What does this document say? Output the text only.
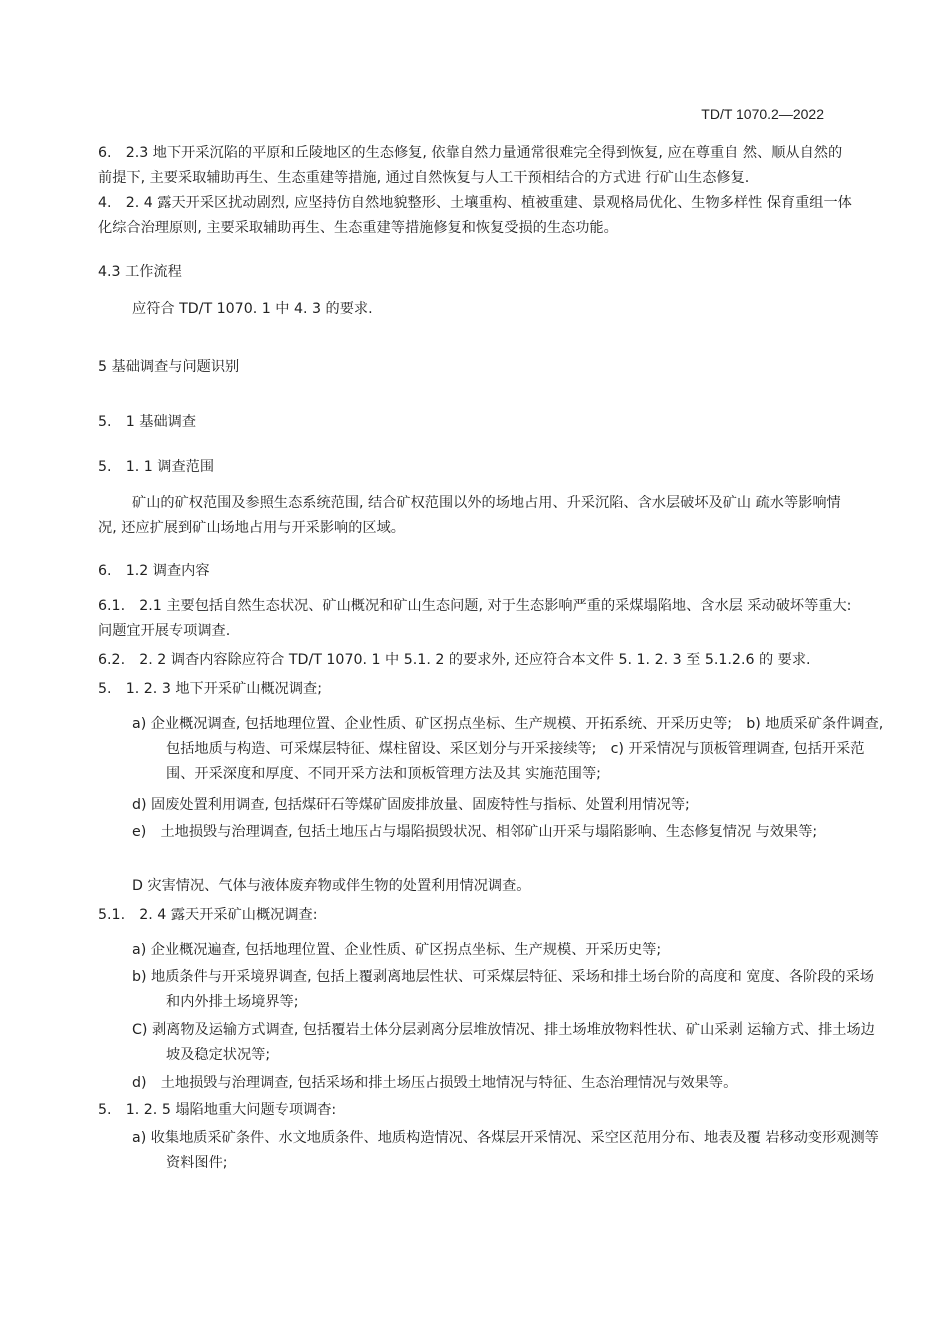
TD/T 1070.2—2022

6.　2.3 地下开采沉陷的平原和丘陵地区的生态修复, 依靠自然力量通常很难完全得到恢复, 应在尊重自 然、顺从自然的前提下, 主要采取辅助再生、生态重建等措施, 通过自然恢复与人工干预相结合的方式进 行矿山生态修复.

4.　2. 4 露天开采区扰动剧烈, 应坚持仿自然地貌整形、土壤重构、植被重建、景观格局优化、生物多样性 保育重组一体化综合治理原则, 主要采取辅助再生、生态重建等措施修复和恢复受损的生态功能。

4.3 工作流程

应符合 TD/T 1070. 1 中 4. 3 的要求.

5 基础调查与问题识别

5.　1 基础调查

5.　1. 1 调查范围

矿山的矿权范围及参照生态系统范围, 结合矿权范围以外的场地占用、升采沉陷、含水层破坏及矿山 疏水等影响情况, 还应扩展到矿山场地占用与开采影响的区域。

6.　1.2 调查内容

6.1.　2.1 主要包括自然生态状况、矿山概况和矿山生态问题, 对于生态影响严重的采煤塌陷地、含水层 采动破坏等重大: 问题宜开展专项调查.

6.2.　2. 2 调杳内容除应符合 TD/T 1070. 1 中 5.1. 2 的要求外, 还应符合本文件 5. 1. 2. 3 至 5.1.2.6 的 要求.

5.　1. 2. 3 地下开采矿山概况调查;

a) 企业概况调查, 包括地理位置、企业性质、矿区拐点坐标、生产规模、开拓系统、开采历史等;　b) 地质采矿条件调查, 包括地质与构造、可采煤层特征、煤柱留设、采区划分与开采接续等;　c) 开采情况与顶板管理调查, 包括开采范围、开采深度和厚度、不同开采方法和顶板管理方法及其 实施范围等;

d) 固废处置利用调查, 包括煤矸石等煤矿固废排放量、固废特性与指标、处置利用情况等;

e)　土地损毁与治理调查, 包括土地压占与塌陷损毁状况、相邻矿山开采与塌陷影响、生态修复情况 与效果等;

D 灾害情况、气体与液体废弃物或伴生物的处置利用情况调查。

5.1.　2. 4 露天开采矿山概况调查:

a) 企业概况遍查, 包括地理位置、企业性质、矿区拐点坐标、生产规模、开采历史等;

b) 地质条件与开采境界调查, 包括上覆剥离地层性状、可采煤层特征、采场和排土场台阶的高度和 宽度、各阶段的采场和内外排土场境界等;

C) 剥离物及运输方式调查, 包括覆岩土体分层剥离分层堆放情况、排土场堆放物料性状、矿山采剥 运输方式、排土场边坡及稳定状况等;

d)　土地损毁与治理调查, 包括采场和排土场压占损毁土地情况与特征、生态治理情况与效果等。

5.　1. 2. 5 塌陷地重大问题专项调杳:

a) 收集地质采矿条件、水文地质条件、地质构造情况、各煤层开采情况、采空区范用分布、地表及覆 岩移动变形观测等资料图件;
